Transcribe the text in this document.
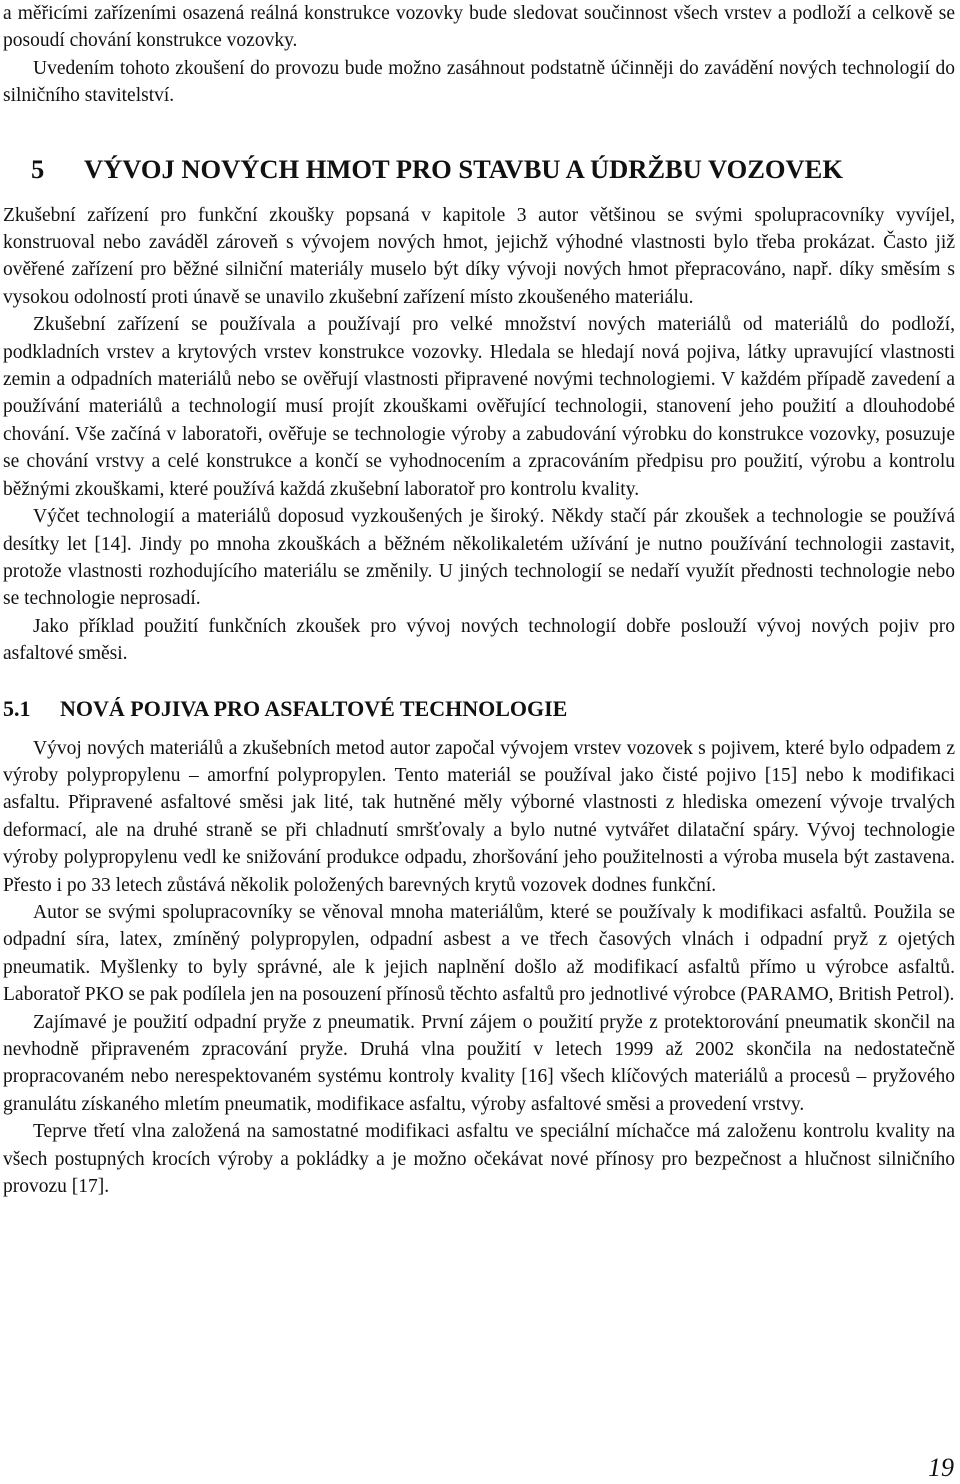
a měřicími zařízeními osazená reálná konstrukce vozovky bude sledovat součinnost všech vrstev a podloží a celkově se posoudí chování konstrukce vozovky.

Uvedením tohoto zkoušení do provozu bude možno zasáhnout podstatně účinněji do zavádění nových technologií do silničního stavitelství.

5 VÝVOJ NOVÝCH HMOT PRO STAVBU A ÚDRŽBU VOZOVEK

Zkušební zařízení pro funkční zkoušky popsaná v kapitole 3 autor většinou se svými spolupracovníky vyvíjel, konstruoval nebo zaváděl zároveň s vývojem nových hmot, jejichž výhodné vlastnosti bylo třeba prokázat. Často již ověřené zařízení pro běžné silniční materiály muselo být díky vývoji nových hmot přepracováno, např. díky směsím s vysokou odolností proti únavě se unavilo zkušební zařízení místo zkoušeného materiálu.

Zkušební zařízení se používala a používají pro velké množství nových materiálů od materiálů do podloží, podkladních vrstev a krytových vrstev konstrukce vozovky. Hledala se hledají nová pojiva, látky upravující vlastnosti zemin a odpadních materiálů nebo se ověřují vlastnosti připravené novými technologiemi. V každém případě zavedení a používání materiálů a technologií musí projít zkouškami ověřující technologii, stanovení jeho použití a dlouhodobé chování. Vše začíná v laboratoři, ověřuje se technologie výroby a zabudování výrobku do konstrukce vozovky, posuzuje se chování vrstvy a celé konstrukce a končí se vyhodnocením a zpracováním předpisu pro použití, výrobu a kontrolu běžnými zkouškami, které používá každá zkušební laboratoř pro kontrolu kvality.

Výčet technologií a materiálů doposud vyzkoušených je široký. Někdy stačí pár zkoušek a technologie se používá desítky let [14]. Jindy po mnoha zkouškách a běžném několikaletém užívání je nutno používání technologii zastavit, protože vlastnosti rozhodujícího materiálu se změnily. U jiných technologií se nedaří využít přednosti technologie nebo se technologie neprosadí.

Jako příklad použití funkčních zkoušek pro vývoj nových technologií dobře poslouží vývoj nových pojiv pro asfaltové směsi.

5.1 NOVÁ POJIVA PRO ASFALTOVÉ TECHNOLOGIE

Vývoj nových materiálů a zkušebních metod autor započal vývojem vrstev vozovek s pojivem, které bylo odpadem z výroby polypropylenu – amorfní polypropylen. Tento materiál se používal jako čisté pojivo [15] nebo k modifikaci asfaltu. Připravené asfaltové směsi jak lité, tak hutněné měly výborné vlastnosti z hlediska omezení vývoje trvalých deformací, ale na druhé straně se při chladnutí smršťovaly a bylo nutné vytvářet dilatační spáry. Vývoj technologie výroby polypropylenu vedl ke snižování produkce odpadu, zhoršování jeho použitelnosti a výroba musela být zastavena. Přesto i po 33 letech zůstává několik položených barevných krytů vozovek dodnes funkční.

Autor se svými spolupracovníky se věnoval mnoha materiálům, které se používaly k modifikaci asfaltů. Použila se odpadní síra, latex, zmíněný polypropylen, odpadní asbest a ve třech časových vlnách i odpadní pryž z ojetých pneumatik. Myšlenky to byly správné, ale k jejich naplnění došlo až modifikací asfaltů přímo u výrobce asfaltů. Laboratoř PKO se pak podílela jen na posouzení přínosů těchto asfaltů pro jednotlivé výrobce (PARAMO, British Petrol).

Zajímavé je použití odpadní pryže z pneumatik. První zájem o použití pryže z protektorování pneumatik skončil na nevhodně připraveném zpracování pryže. Druhá vlna použití v letech 1999 až 2002 skončila na nedostatečně propracovaném nebo nerespektovaném systému kontroly kvality [16] všech klíčových materiálů a procesů – pryžového granulátu získaného mletím pneumatik, modifikace asfaltu, výroby asfaltové směsi a provedení vrstvy.

Teprve třetí vlna založená na samostatné modifikaci asfaltu ve speciální míchačce má založenu kontrolu kvality na všech postupných krocích výroby a pokládky a je možno očekávat nové přínosy pro bezpečnost a hlučnost silničního provozu [17].

19
